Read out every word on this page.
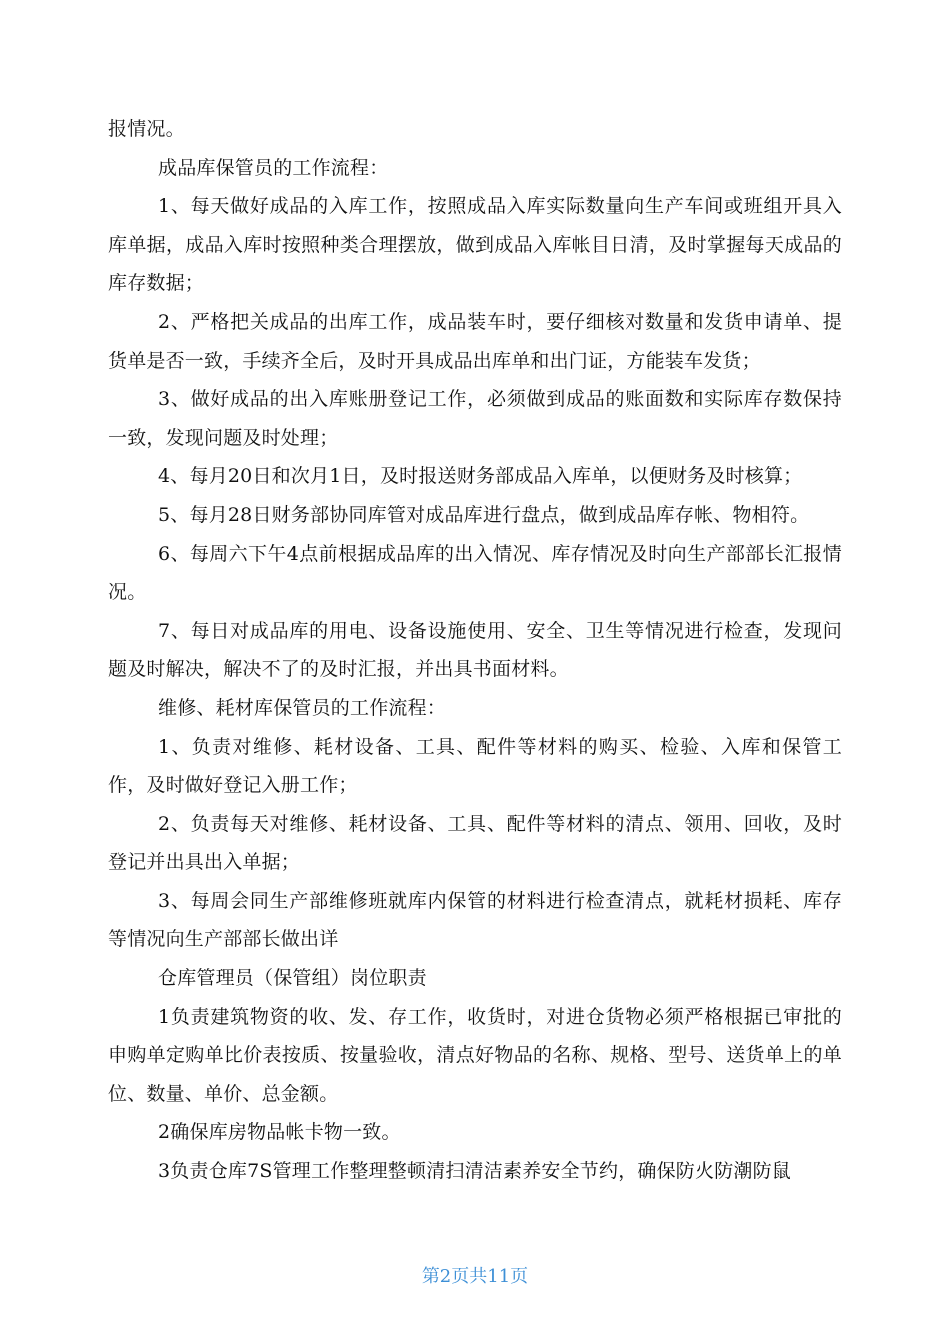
报情况。

成品库保管员的工作流程：

1、每天做好成品的入库工作，按照成品入库实际数量向生产车间或班组开具入库单据，成品入库时按照种类合理摆放，做到成品入库帐目日清，及时掌握每天成品的库存数据；

2、严格把关成品的出库工作，成品装车时，要仔细核对数量和发货申请单、提货单是否一致，手续齐全后，及时开具成品出库单和出门证，方能装车发货；

3、做好成品的出入库账册登记工作，必须做到成品的账面数和实际库存数保持一致，发现问题及时处理；

4、每月20日和次月1日，及时报送财务部成品入库单，以便财务及时核算；

5、每月28日财务部协同库管对成品库进行盘点，做到成品库存帐、物相符。

6、每周六下午4点前根据成品库的出入情况、库存情况及时向生产部部长汇报情况。

7、每日对成品库的用电、设备设施使用、安全、卫生等情况进行检查，发现问题及时解决，解决不了的及时汇报，并出具书面材料。

维修、耗材库保管员的工作流程：

1、负责对维修、耗材设备、工具、配件等材料的购买、检验、入库和保管工作，及时做好登记入册工作；

2、负责每天对维修、耗材设备、工具、配件等材料的清点、领用、回收，及时登记并出具出入单据；

3、每周会同生产部维修班就库内保管的材料进行检查清点，就耗材损耗、库存等情况向生产部部长做出详

仓库管理员（保管组）岗位职责

1负责建筑物资的收、发、存工作，收货时，对进仓货物必须严格根据已审批的申购单定购单比价表按质、按量验收，清点好物品的名称、规格、型号、送货单上的单位、数量、单价、总金额。

2确保库房物品帐卡物一致。

3负责仓库7S管理工作整理整顿清扫清洁素养安全节约，确保防火防潮防鼠

第2页共11页
